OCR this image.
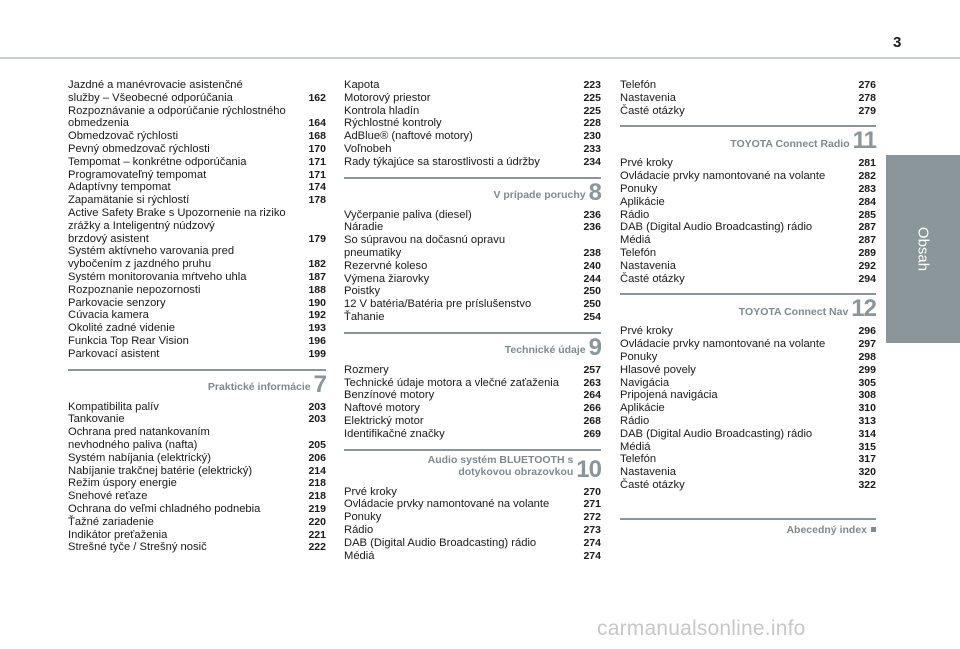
3
Obsah
Jazdné a manévrovacie asistenčné
služby – Všeobecné odporúčania	162
Rozpoznávanie a odporúčanie rýchlostného
obmedzenia	164
Obmedzovač rýchlosti	168
Pevný obmedzovač rýchlosti	170
Tempomat – konkrétne odporúčania	171
Programovateľný tempomat	171
Adaptívny tempomat	174
Zapamätanie si rýchlostí	178
Active Safety Brake s Upozornenie na riziko
zrážky a Inteligentný núdzový
brzdový asistent	179
Systém aktívneho varovania pred
vybočením z jazdného pruhu	182
Systém monitorovania mŕtveho uhla	187
Rozpoznanie nepozornosti	188
Parkovacie senzory	190
Cúvacia kamera	192
Okolité zadné videnie	193
Funkcia Top Rear Vision	196
Parkovací asistent	199
Praktické informácie 7
Kompatibilita palív	203
Tankovanie	203
Ochrana pred natankovaním
nevhodného paliva (nafta)	205
Systém nabíjania (elektrický)	206
Nabíjanie trakčnej batérie (elektrický)	214
Režim úspory energie	218
Snehové reťaze	218
Ochrana do veľmi chladného podnebia	219
Ťažné zariadenie	220
Indikátor preťaženia	221
Strešné tyče / Strešný nosič	222
Kapota	223
Motorový priestor	225
Kontrola hladín	225
Rýchlostné kontroly	228
AdBlue® (naftové motory)	230
Voľnobeh	233
Rady týkajúce sa starostlivosti a údržby	234
V prípade poruchy 8
Vyčerpanie paliva (diesel)	236
Náradie	236
So súpravou na dočasnú opravu
pneumatiky	238
Rezervné koleso	240
Výmena žiarovky	244
Poistky	250
12 V batéria/Batéria pre príslušenstvo	250
Ťahanie	254
Technické údaje 9
Rozmery	257
Technické údaje motora a vlečné zaťaženia	263
Benzínové motory	264
Naftové motory	266
Elektrický motor	268
Identifikačné značky	269
Audio systém BLUETOOTH s
dotykovou obrazovkou 10
Prvé kroky	270
Ovládacie prvky namontované na volante	271
Ponuky	272
Rádio	273
DAB (Digital Audio Broadcasting) rádio	274
Médiá	274
Telefón	276
Nastavenia	278
Časté otázky	279
TOYOTA Connect Radio 11
Prvé kroky	281
Ovládacie prvky namontované na volante	282
Ponuky	283
Aplikácie	284
Rádio	285
DAB (Digital Audio Broadcasting) rádio	287
Médiá	287
Telefón	289
Nastavenia	292
Časté otázky	294
TOYOTA Connect Nav 12
Prvé kroky	296
Ovládacie prvky namontované na volante	297
Ponuky	298
Hlasové povely	299
Navigácia	305
Pripojená navigácia	308
Aplikácie	310
Rádio	313
DAB (Digital Audio Broadcasting) rádio	314
Médiá	315
Telefón	317
Nastavenia	320
Časté otázky	322
Abecedný index
carmanualsonline.info
